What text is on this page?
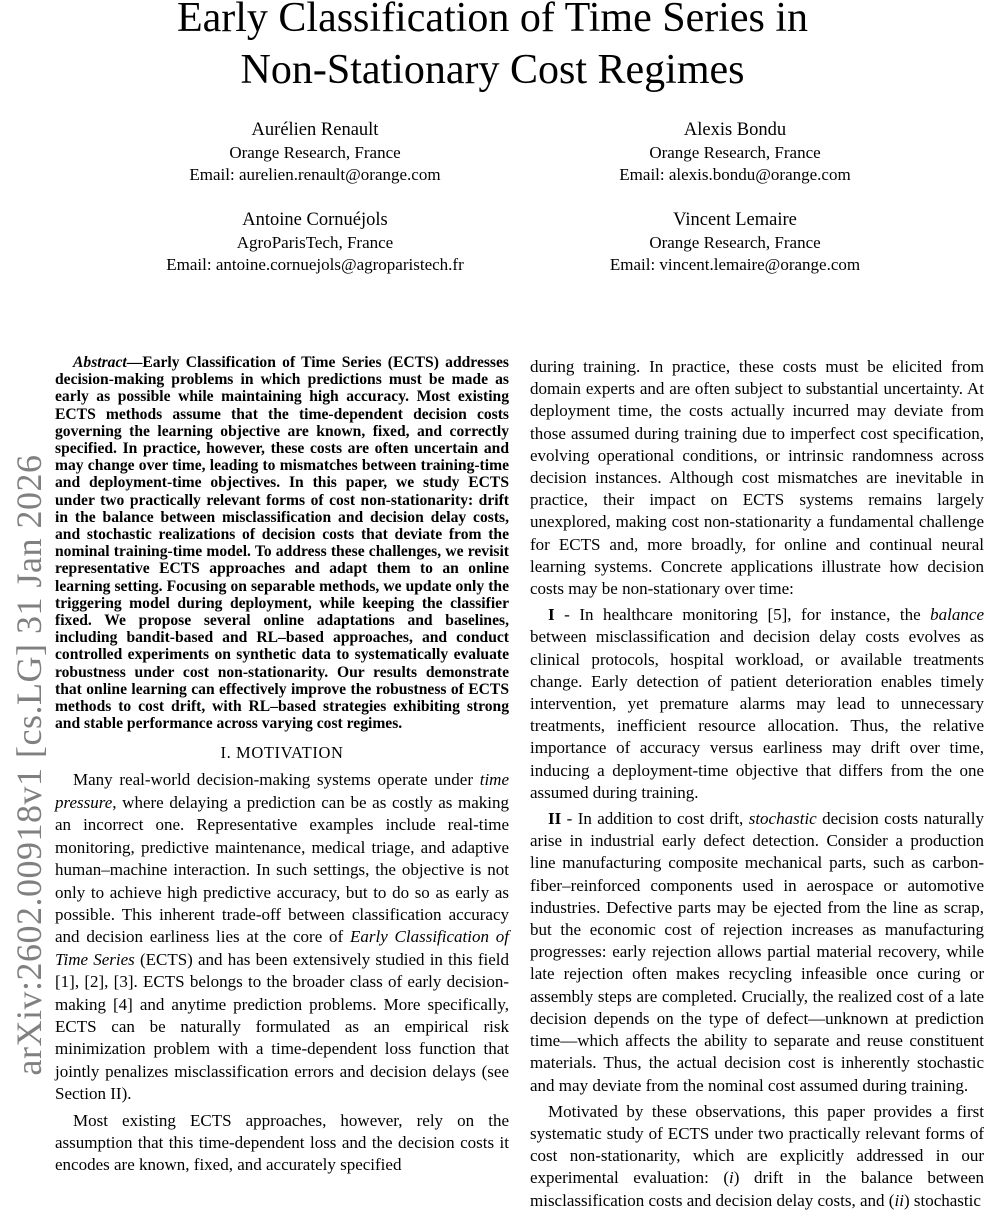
Early Classification of Time Series in
Non-Stationary Cost Regimes
Aurélien Renault
Orange Research, France
Email: aurelien.renault@orange.com
Alexis Bondu
Orange Research, France
Email: alexis.bondu@orange.com
Antoine Cornuéjols
AgroParisTech, France
Email: antoine.cornuejols@agroparistech.fr
Vincent Lemaire
Orange Research, France
Email: vincent.lemaire@orange.com
arXiv:2602.00918v1 [cs.LG] 31 Jan 2026

Abstract—Early Classification of Time Series (ECTS) addresses decision-making problems in which predictions must be made as early as possible while maintaining high accuracy. Most existing ECTS methods assume that the time-dependent decision costs governing the learning objective are known, fixed, and correctly specified. In practice, however, these costs are often uncertain and may change over time, leading to mismatches between training-time and deployment-time objectives. In this paper, we study ECTS under two practically relevant forms of cost non-stationarity: drift in the balance between misclassification and decision delay costs, and stochastic realizations of decision costs that deviate from the nominal training-time model. To address these challenges, we revisit representative ECTS approaches and adapt them to an online learning setting. Focusing on separable methods, we update only the triggering model during deployment, while keeping the classifier fixed. We propose several online adaptations and baselines, including bandit-based and RL–based approaches, and conduct controlled experiments on synthetic data to systematically evaluate robustness under cost non-stationarity. Our results demonstrate that online learning can effectively improve the robustness of ECTS methods to cost drift, with RL–based strategies exhibiting strong and stable performance across varying cost regimes.

I. MOTIVATION

Many real-world decision-making systems operate under time pressure, where delaying a prediction can be as costly as making an incorrect one. Representative examples include real-time monitoring, predictive maintenance, medical triage, and adaptive human–machine interaction. In such settings, the objective is not only to achieve high predictive accuracy, but to do so as early as possible. This inherent trade-off between classification accuracy and decision earliness lies at the core of Early Classification of Time Series (ECTS) and has been extensively studied in this field [1], [2], [3]. ECTS belongs to the broader class of early decision-making [4] and anytime prediction problems. More specifically, ECTS can be naturally formulated as an empirical risk minimization problem with a time-dependent loss function that jointly penalizes misclassification errors and decision delays (see Section II).

Most existing ECTS approaches, however, rely on the assumption that this time-dependent loss and the decision costs it encodes are known, fixed, and accurately specified

during training. In practice, these costs must be elicited from domain experts and are often subject to substantial uncertainty. At deployment time, the costs actually incurred may deviate from those assumed during training due to imperfect cost specification, evolving operational conditions, or intrinsic randomness across decision instances. Although cost mismatches are inevitable in practice, their impact on ECTS systems remains largely unexplored, making cost non-stationarity a fundamental challenge for ECTS and, more broadly, for online and continual neural learning systems. Concrete applications illustrate how decision costs may be non-stationary over time:

I - In healthcare monitoring [5], for instance, the balance between misclassification and decision delay costs evolves as clinical protocols, hospital workload, or available treatments change. Early detection of patient deterioration enables timely intervention, yet premature alarms may lead to unnecessary treatments, inefficient resource allocation. Thus, the relative importance of accuracy versus earliness may drift over time, inducing a deployment-time objective that differs from the one assumed during training.

II - In addition to cost drift, stochastic decision costs naturally arise in industrial early defect detection. Consider a production line manufacturing composite mechanical parts, such as carbon-fiber–reinforced components used in aerospace or automotive industries. Defective parts may be ejected from the line as scrap, but the economic cost of rejection increases as manufacturing progresses: early rejection allows partial material recovery, while late rejection often makes recycling infeasible once curing or assembly steps are completed. Crucially, the realized cost of a late decision depends on the type of defect—unknown at prediction time—which affects the ability to separate and reuse constituent materials. Thus, the actual decision cost is inherently stochastic and may deviate from the nominal cost assumed during training.

Motivated by these observations, this paper provides a first systematic study of ECTS under two practically relevant forms of cost non-stationarity, which are explicitly addressed in our experimental evaluation: (i) drift in the balance between misclassification costs and decision delay costs, and (ii) stochastic
